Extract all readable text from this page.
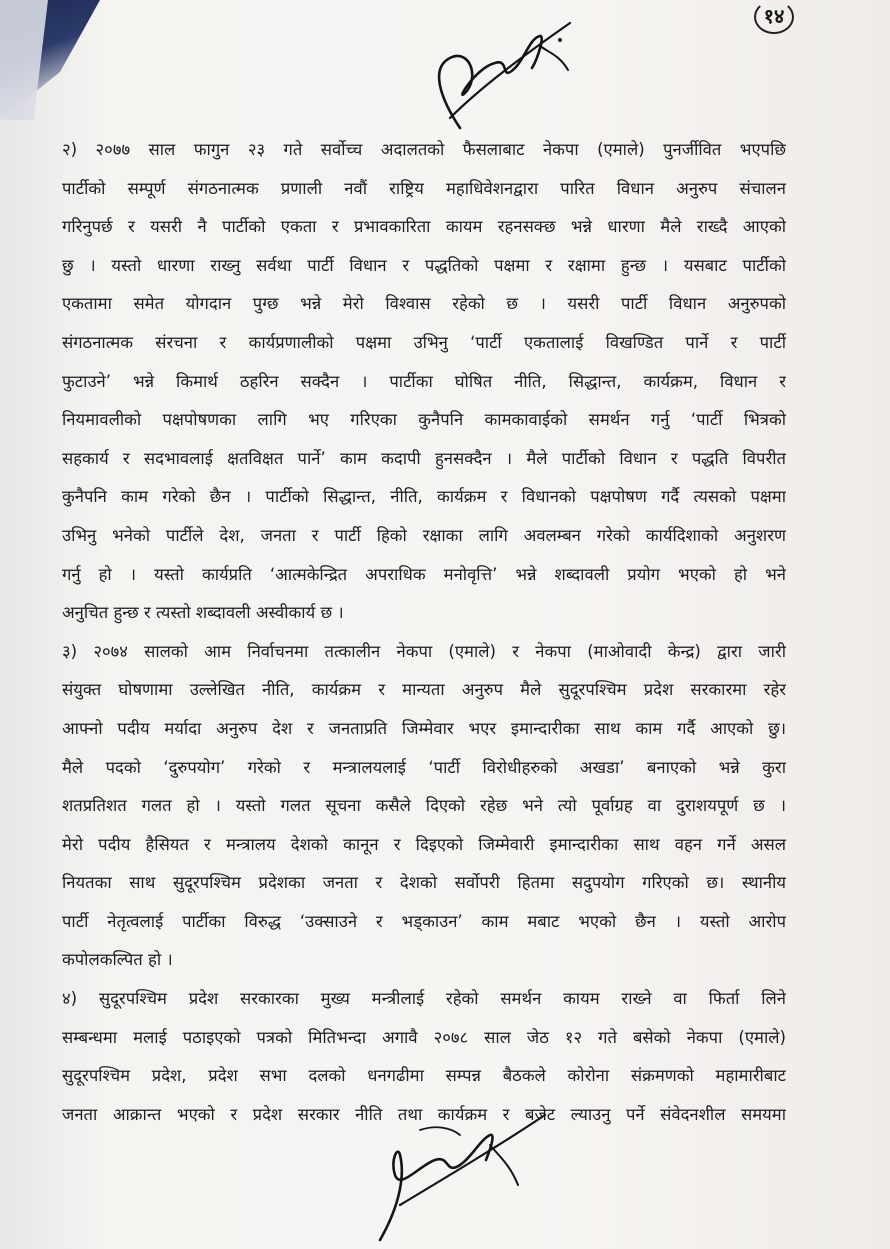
१४
२) २०७७ साल फागुन २३ गते सर्वोच्च अदालतको फैसलाबाट नेकपा (एमाले) पुनर्जीवित भएपछि
पार्टीको सम्पूर्ण संगठनात्मक प्रणाली नवौं राष्ट्रिय महाधिवेशनद्वारा पारित विधान अनुरुप संचालन
गरिनुपर्छ र यसरी नै पार्टीको एकता र प्रभावकारिता कायम रहनसक्छ भन्ने धारणा मैले राख्दै आएको
छु । यस्तो धारणा राख्नु सर्वथा पार्टी विधान र पद्धतिको पक्षमा र रक्षामा हुन्छ । यसबाट पार्टीको
एकतामा समेत योगदान पुग्छ भन्ने मेरो विश्वास रहेको छ । यसरी पार्टी विधान अनुरुपको
संगठनात्मक संरचना र कार्यप्रणालीको पक्षमा उभिनु ‘पार्टी एकतालाई विखण्डित पार्ने र पार्टी
फुटाउने’ भन्ने किमार्थ ठहरिन सक्दैन । पार्टीका घोषित नीति, सिद्धान्त, कार्यक्रम, विधान र
नियमावलीको पक्षपोषणका लागि भए गरिएका कुनैपनि कामकावाईको समर्थन गर्नु ‘पार्टी भित्रको
सहकार्य र सदभावलाई क्षतविक्षत पार्ने’ काम कदापी हुनसक्दैन । मैले पार्टीको विधान र पद्धति विपरीत
कुनैपनि काम गरेको छैन । पार्टीको सिद्धान्त, नीति, कार्यक्रम र विधानको पक्षपोषण गर्दै त्यसको पक्षमा
उभिनु भनेको पार्टीले देश, जनता र पार्टी हिको रक्षाका लागि अवलम्बन गरेको कार्यदिशाको अनुशरण
गर्नु हो । यस्तो कार्यप्रति ‘आत्मकेन्द्रित अपराधिक मनोवृत्ति’ भन्ने शब्दावली प्रयोग भएको हो भने
अनुचित हुन्छ र त्यस्तो शब्दावली अस्वीकार्य छ ।
३) २०७४ सालको आम निर्वाचनमा तत्कालीन नेकपा (एमाले) र नेकपा (माओवादी केन्द्र) द्वारा जारी
संयुक्त घोषणामा उल्लेखित नीति, कार्यक्रम र मान्यता अनुरुप मैले सुदूरपश्चिम प्रदेश सरकारमा रहेर
आफ्नो पदीय मर्यादा अनुरुप देश र जनताप्रति जिम्मेवार भएर इमान्दारीका साथ काम गर्दै आएको छु।
मैले पदको ‘दुरुपयोग’ गरेको र मन्त्रालयलाई ‘पार्टी विरोधीहरुको अखडा’ बनाएको भन्ने कुरा
शतप्रतिशत गलत हो । यस्तो गलत सूचना कसैले दिएको रहेछ भने त्यो पूर्वाग्रह वा दुराशयपूर्ण छ ।
मेरो पदीय हैसियत र मन्त्रालय देशको कानून र दिइएको जिम्मेवारी इमान्दारीका साथ वहन गर्ने असल
नियतका साथ सुदूरपश्चिम प्रदेशका जनता र देशको सर्वोपरी हितमा सदुपयोग गरिएको छ। स्थानीय
पार्टी नेतृत्वलाई पार्टीका विरुद्ध ‘उक्साउने र भड्काउन’ काम मबाट भएको छैन । यस्तो आरोप
कपोलकल्पित हो ।
४) सुदूरपश्चिम प्रदेश सरकारका मुख्य मन्त्रीलाई रहेको समर्थन कायम राख्ने वा फिर्ता लिने
सम्बन्धमा मलाई पठाइएको पत्रको मितिभन्दा अगावै २०७८ साल जेठ १२ गते बसेको नेकपा (एमाले)
सुदूरपश्चिम प्रदेश, प्रदेश सभा दलको धनगढीमा सम्पन्न बैठकले कोरोना संक्रमणको महामारीबाट
जनता आक्रान्त भएको र प्रदेश सरकार नीति तथा कार्यक्रम र बजेट ल्याउनु पर्ने संवेदनशील समयमा
